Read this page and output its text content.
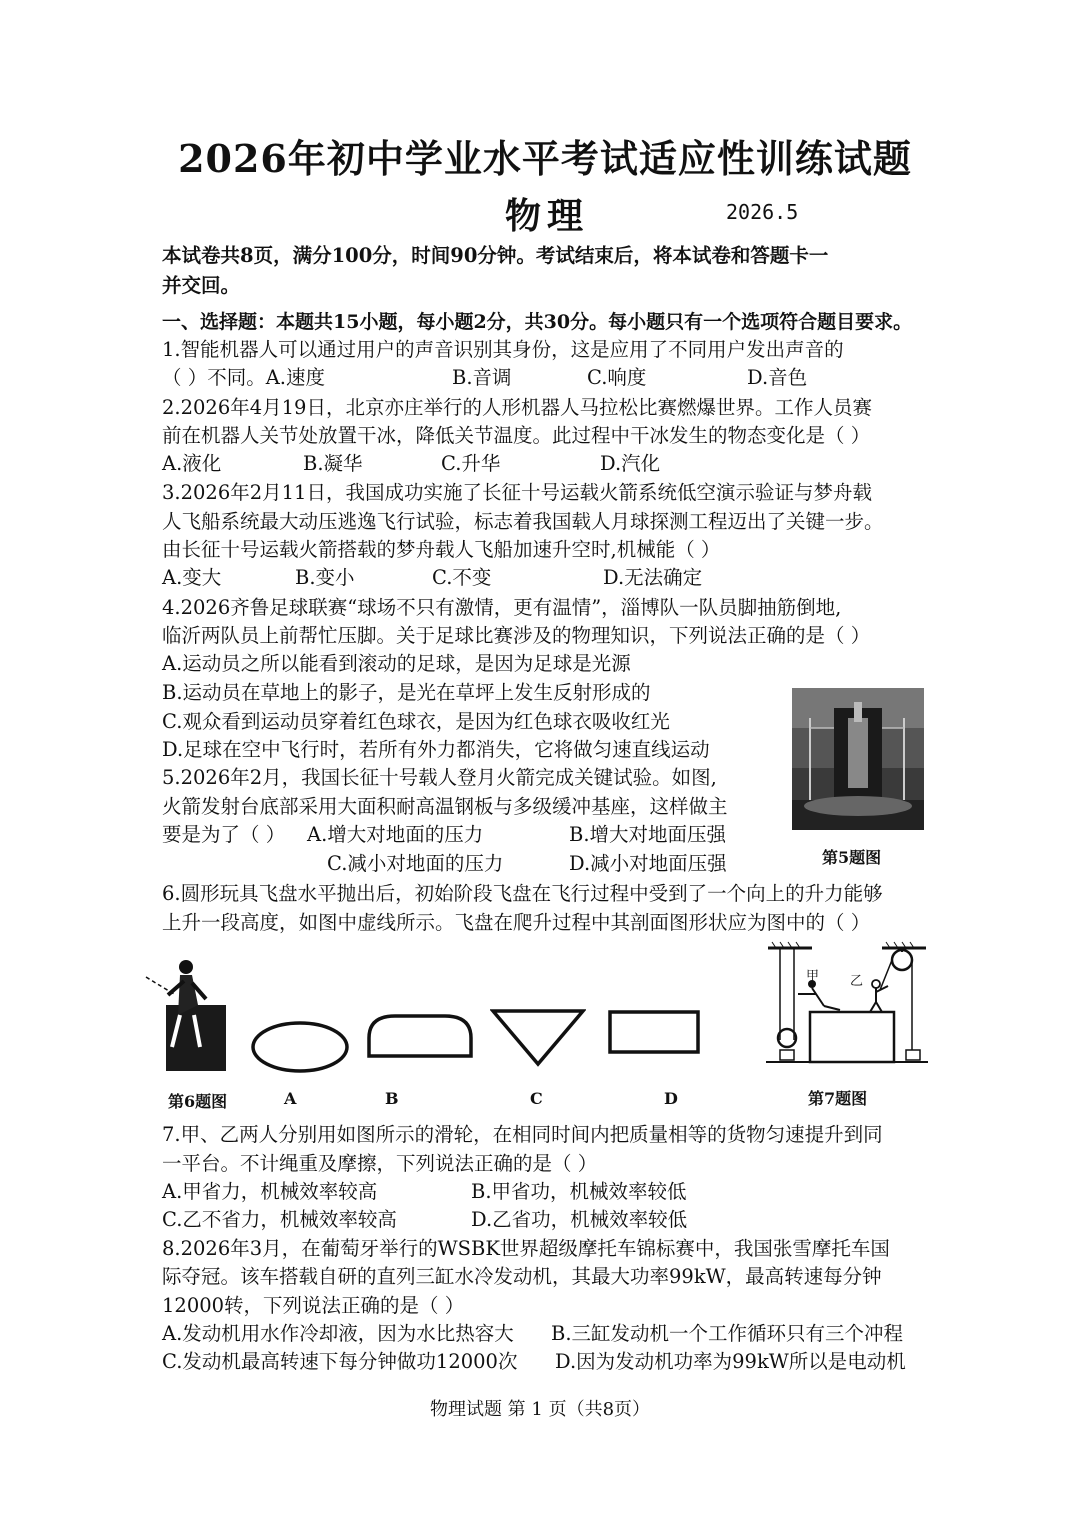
2026年初中学业水平考试适应性训练试题
物理	2026.5
本试卷共8页，满分100分，时间90分钟。考试结束后，将本试卷和答题卡一
并交回。
一、选择题：本题共15小题，每小题2分，共30分。每小题只有一个选项符合题目要求。
1.智能机器人可以通过用户的声音识别其身份，这是应用了不同用户发出声音的
（ ）不同。A.速度	B.音调	C.响度	D.音色
2.2026年4月19日，北京亦庄举行的人形机器人马拉松比赛燃爆世界。工作人员赛
前在机器人关节处放置干冰，降低关节温度。此过程中干冰发生的物态变化是（ ）
A.液化	B.凝华	C.升华	D.汽化
3.2026年2月11日，我国成功实施了长征十号运载火箭系统低空演示验证与梦舟载
人飞船系统最大动压逃逸飞行试验，标志着我国载人月球探测工程迈出了关键一步。
由长征十号运载火箭搭载的梦舟载人飞船加速升空时,机械能（ ）
A.变大	B.变小	C.不变	D.无法确定
4.2026齐鲁足球联赛“球场不只有激情，更有温情”，淄博队一队员脚抽筋倒地,
临沂两队员上前帮忙压脚。关于足球比赛涉及的物理知识，下列说法正确的是（ ）
A.运动员之所以能看到滚动的足球，是因为足球是光源
B.运动员在草地上的影子，是光在草坪上发生反射形成的
C.观众看到运动员穿着红色球衣，是因为红色球衣吸收红光
D.足球在空中飞行时，若所有外力都消失，它将做匀速直线运动
5.2026年2月，我国长征十号载人登月火箭完成关键试验。如图,
火箭发射台底部采用大面积耐高温钢板与多级缓冲基座，这样做主
要是为了（ ） A.增大对地面的压力	B.增大对地面压强
C.减小对地面的压力	D.减小对地面压强	第5题图
6.圆形玩具飞盘水平抛出后，初始阶段飞盘在飞行过程中受到了一个向上的升力能够
上升一段高度，如图中虚线所示。飞盘在爬升过程中其剖面图形状应为图中的（ ）
第6题图	A	B	C	D
甲 乙
第7题图
7.甲、乙两人分别用如图所示的滑轮，在相同时间内把质量相等的货物匀速提升到同
一平台。不计绳重及摩擦，下列说法正确的是（ ）
A.甲省力，机械效率较高	B.甲省功，机械效率较低
C.乙不省力，机械效率较高	D.乙省功，机械效率较低
8.2026年3月，在葡萄牙举行的WSBK世界超级摩托车锦标赛中，我国张雪摩托车国
际夺冠。该车搭载自研的直列三缸水冷发动机，其最大功率99kW，最高转速每分钟
12000转，下列说法正确的是（ ）
A.发动机用水作冷却液，因为水比热容大 B.三缸发动机一个工作循环只有三个冲程
C.发动机最高转速下每分钟做功12000次 D.因为发动机功率为99kW所以是电动机
物理试题 第 1 页（共8页）
